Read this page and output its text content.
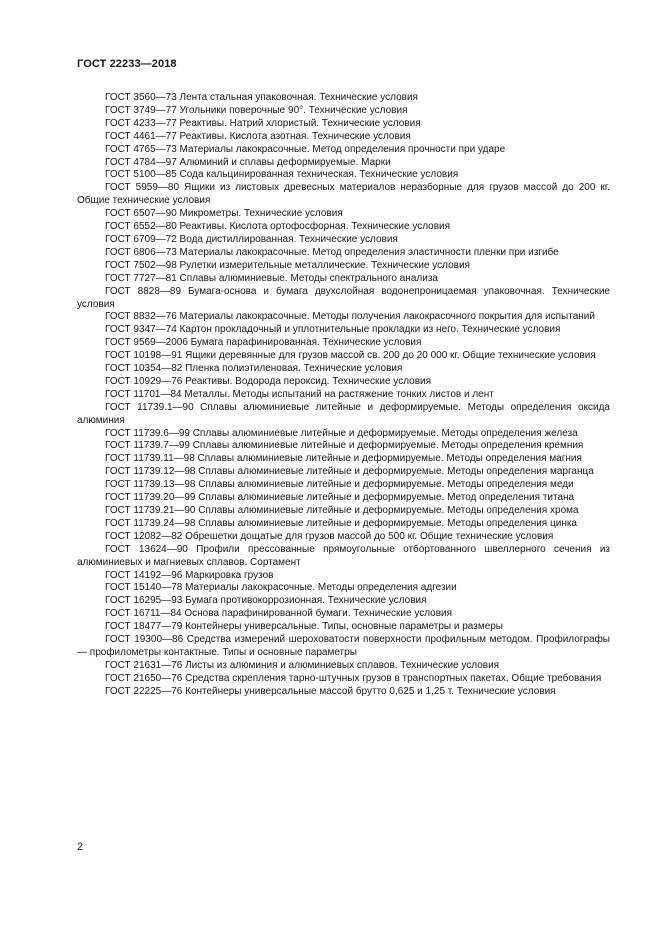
ГОСТ 22233—2018

ГОСТ 3560—73 Лента стальная упаковочная. Технические условия

ГОСТ 3749—77 Угольники поверочные 90°. Технические условия

ГОСТ 4233—77 Реактивы. Натрий хлористый. Технические условия

ГОСТ 4461—77 Реактивы. Кислота азотная. Технические условия

ГОСТ 4765—73 Материалы лакокрасочные. Метод определения прочности при ударе

ГОСТ 4784—97 Алюминий и сплавы деформируемые. Марки

ГОСТ 5100—85 Сода кальцинированная техническая. Технические условия

ГОСТ 5959—80 Ящики из листовых древесных материалов неразборные для грузов массой до 200 кг. Общие технические условия

ГОСТ 6507—90 Микрометры. Технические условия

ГОСТ 6552—80 Реактивы. Кислота ортофосфорная. Технические условия

ГОСТ 6709—72 Вода дистиллированная. Технические условия

ГОСТ 6806—73 Материалы лакокрасочные. Метод определения эластичности пленки при изгибе

ГОСТ 7502—98 Рулетки измерительные металлические. Технические условия

ГОСТ 7727—81 Сплавы алюминиевые. Методы спектрального анализа

ГОСТ 8828—89 Бумага-основа и бумага двухслойная водонепроницаемая упаковочная. Технические условия

ГОСТ 8832—76 Материалы лакокрасочные. Методы получения лакокрасочного покрытия для испытаний

ГОСТ 9347—74 Картон прокладочный и уплотнительные прокладки из него. Технические условия

ГОСТ 9569—2006 Бумага парафинированная. Технические условия

ГОСТ 10198—91 Ящики деревянные для грузов массой св. 200 до 20 000 кг. Общие технические условия

ГОСТ 10354—82 Пленка полиэтиленовая. Технические условия

ГОСТ 10929—76 Реактивы. Водорода пероксид. Технические условия

ГОСТ 11701—84 Металлы. Методы испытаний на растяжение тонких листов и лент

ГОСТ 11739.1—90 Сплавы алюминиевые литейные и деформируемые. Методы определения оксида алюминия

ГОСТ 11739.6—99 Сплавы алюминиевые литейные и деформируемые. Методы определения железа

ГОСТ 11739.7—99 Сплавы алюминиевые литейные и деформируемые. Методы определения кремния

ГОСТ 11739.11—98 Сплавы алюминиевые литейные и деформируемые. Методы определения магния

ГОСТ 11739.12—98 Сплавы алюминиевые литейные и деформируемые. Методы определения марганца

ГОСТ 11739.13—98 Сплавы алюминиевые литейные и деформируемые. Методы определения меди

ГОСТ 11739.20—99 Сплавы алюминиевые литейные и деформируемые. Метод определения титана

ГОСТ 11739.21—90 Сплавы алюминиевые литейные и деформируемые. Методы определения хрома

ГОСТ 11739.24—98 Сплавы алюминиевые литейные и деформируемые. Методы определения цинка

ГОСТ 12082—82 Обрешетки дощатые для грузов массой до 500 кг. Общие технические условия

ГОСТ 13624—90 Профили прессованные прямоугольные отбортованного швеллерного сечения из алюминиевых и магниевых сплавов. Сортамент

ГОСТ 14192—96 Маркировка грузов

ГОСТ 15140—78 Материалы лакокрасочные. Методы определения адгезии

ГОСТ 16295—93 Бумага противокоррозионная. Технические условия

ГОСТ 16711—84 Основа парафинированной бумаги. Технические условия

ГОСТ 18477—79 Контейнеры универсальные. Типы, основные параметры и размеры

ГОСТ 19300—86 Средства измерений шероховатости поверхности профильным методом. Профилографы — профилометры контактные. Типы и основные параметры

ГОСТ 21631—76 Листы из алюминия и алюминиевых сплавов. Технические условия

ГОСТ 21650—76 Средства скрепления тарно-штучных грузов в транспортных пакетах. Общие требования

ГОСТ 22225—76 Контейнеры универсальные массой брутто 0,625 и 1,25 т. Технические условия

2
